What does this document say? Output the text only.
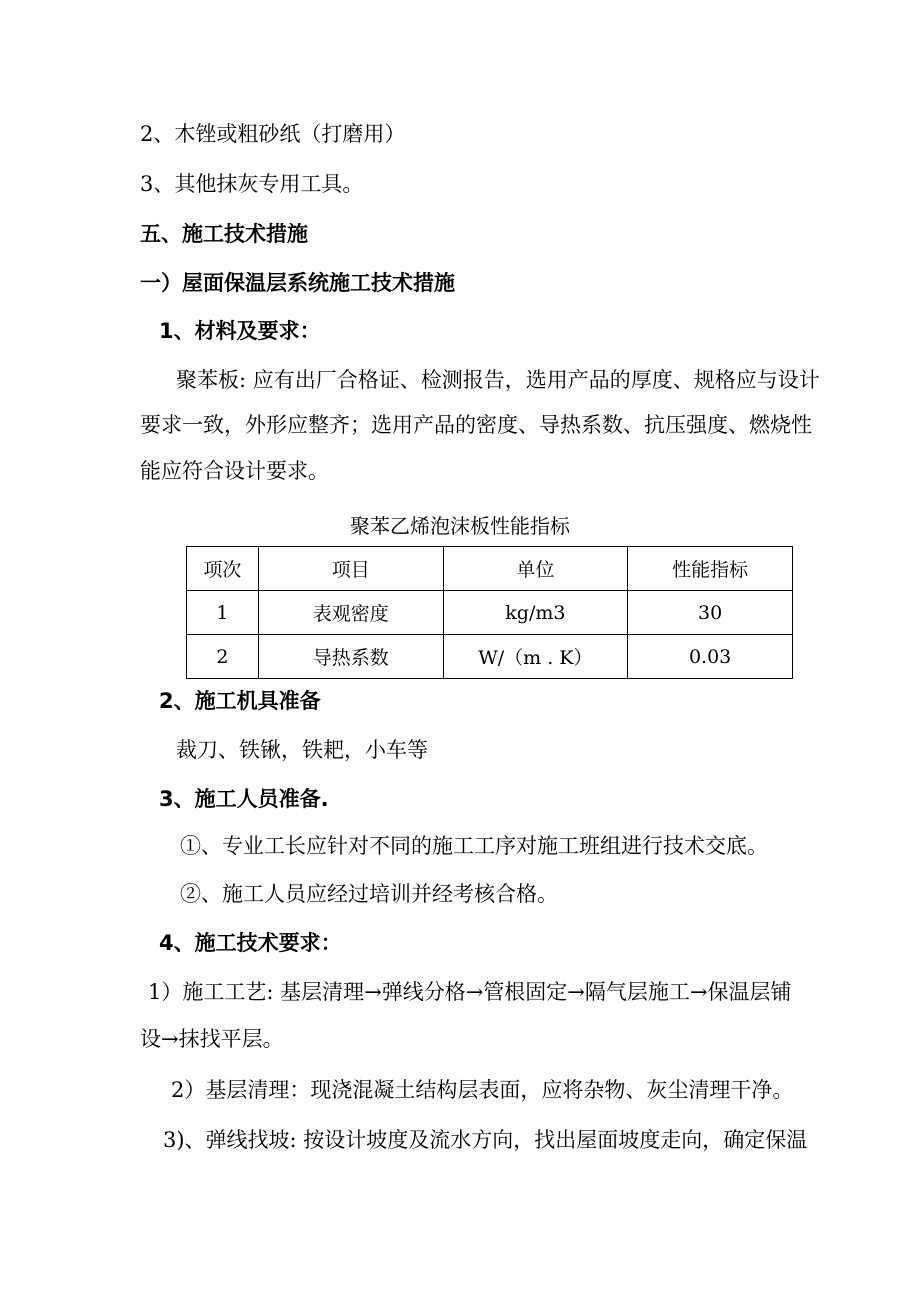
2、木锉或粗砂纸（打磨用）
3、其他抹灰专用工具。
五、施工技术措施
一）屋面保温层系统施工技术措施
1、材料及要求：
聚苯板: 应有出厂合格证、检测报告，选用产品的厚度、规格应与设计
要求一致，外形应整齐；选用产品的密度、导热系数、抗压强度、燃烧性
能应符合设计要求。
聚苯乙烯泡沫板性能指标
项次	项目	单位	性能指标
1	表观密度	kg/m3	30
2	导热系数	W/（m . K）	0.03
2、施工机具准备
裁刀、铁锹，铁耙，小车等
3、施工人员准备.
①、专业工长应针对不同的施工工序对施工班组进行技术交底。
②、施工人员应经过培训并经考核合格。
4、施工技术要求：
1）施工工艺: 基层清理→弹线分格→管根固定→隔气层施工→保温层铺
设→抹找平层。
2）基层清理：现浇混凝土结构层表面，应将杂物、灰尘清理干净。
3)、弹线找坡: 按设计坡度及流水方向，找出屋面坡度走向，确定保温
